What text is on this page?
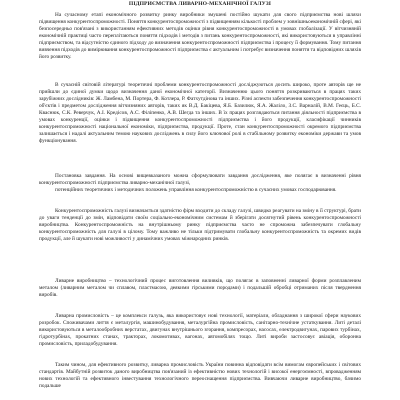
ПІДПРИЄМСТВА ЛИВАРНО-МЕХАНІЧНОЇ ГАЛУЗІ

На сучасному етапі економічного розвитку ринку виробники змушені постійно шукати для свого підприємства нові шляхи підвищення конкурентоспроможності. Поняття конкурентоспроможності з підвищенням кількості проблем у зовнішньоекономічній сфері, які безпосередньо пов'язані з використанням ефективних методів оцінки рівня конкурентоспроможності в умовах глобалізації. У вітчизняній економічній практиці часто переплітаються поняття підходів і методів з питань конкурентоспроможності, які використовуються в управлінні підприємством, та відсутністю єдиного підходу до визначення конкурентоспроможності підприємства і процесу її формування. Тому питання вивчення підходів до вимірювання конкурентоспроможності підприємства є актуальним і потребує визначення поняття та відповідних шляхів його розвитку.

В сучасній світовій літературі теоретичні проблеми конкурентоспроможності досліджуються досить широко, проте авторів ще не прийшли до єдиної думки щодо визначення даної економічної категорії. Визначенню цього поняття розкриваються в працях таких зарубіжних дослідників: Ж. Ламбена, М. Портера, Ф. Котлера, Р. Фатхутдінова та інших. Різні аспекти забезпечення конкурентоспроможності об'єктів і предметом дослідження вітчизняних авторів, таких як В.Д. Бакіцева, Я.Б. Базилюк, Я.А. Жаліло, З.С. Варналій, В.М. Геєць, Б.С. Кваснюк, С.К. Реверчук, А.І. Кредісов, А.С. Філіпенко, А.В. Шегда та інших. В їх працях розглядаються питання діяльності підприємства в умовах конкуренції, оцінки і підвищення конкурентоспроможності підприємства і його продукції, класифікації чинників конкурентоспроможності національної економіки, підприємства, продукції. Проте, стан конкурентоспроможності окремого підприємства залишається і надалі актуальним темою наукових досліджень в силу його ключової ролі в стабільному розвитку економіки держави та умов функціонування.

Постановка завдання. На основі вищевказаного можна сформулювати завдання дослідження, яке полягає в визначенні рівня конкурентоспроможності підприємства ливарно-механічної галузі,

потенційних теоретичних і методичних положень управління конкурентоспроможністю в сучасних умовах господарювання.

Конкурентоспроможність галузі визначається здатністю фірм входити до складу галузі, швидко реагувати на зміну в її структурі, брати до уваги тенденції до змін, відповідати своїм соціально-економічним системам й зберігати досягнутий рівень конкурентоспроможності виробництва. Конкурентоспроможність на внутрішньому ринку підприємства часто не спроможна забезпечувати глобальну конкурентоспроможність для галузі в цілому. Тому важливо не тільки підтримувати глобальну конкурентоспроможність та окремих видів продукції, але й шукати нові можливості у динамічних умовах міжнародних ринків.

Ливарне виробництво – технологічний процес виготовлення виливків, що полягає в заповненні ливарної форми розплавленим металом (ливарним металом чи сплавом, пластмасою, деякими гірськими породами) і подальшій обробці отриманих після тверднення виробів.

Ливарна промисловість – це комплекси галузь, яка використовує нові технології, матеріали, обладнання з широкої сфери наукових розробок. Споживачами лиття є металургія, машинобудування, металургійна промисловість, санітарно-технічне устаткування. Литі деталі використовуються в металообробних верстатах, двигунах внутрішнього згорання, компресорах, насосах, електродвигунах, парових турбінах, гідротурбінах, прокатних станах, тракторах, локомотивах, вагонах, автомобілях тощо. Литі вироби застосовує авіація, оборонна промисловість, приладобудування.

Таким чином, для ефективного розвитку, ливарна промисловість України повинна відповідати всім вимогам європейських і світових стандартів. Майбутній розвиток даного виробництва пов'язаний із ефективністю нових технологій і високої енергоємності, впровадженням нових технологій та ефективного інвестування технологічного переоснащення підприємства. Вивчаючи ливарне виробництво, бачимо подальше
